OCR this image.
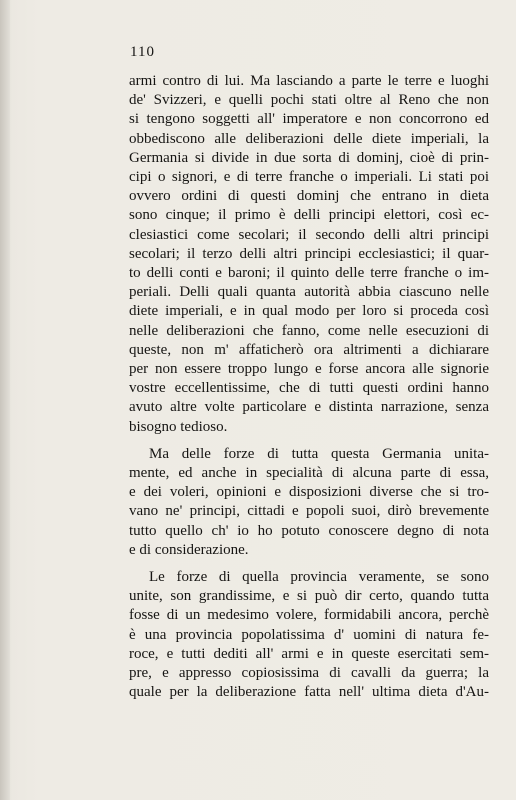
110
armi contro di lui. Ma lasciando a parte le terre e luoghi
de' Svizzeri, e quelli pochi stati oltre al Reno che non
si tengono soggetti all' imperatore e non concorrono ed
obbediscono alle deliberazioni delle diete imperiali, la
Germania si divide in due sorta di dominj, cioè di prin-
cipi o signori, e di terre franche o imperiali. Li stati poi
ovvero ordini di questi dominj che entrano in dieta
sono cinque; il primo è delli principi elettori, così ec-
clesiastici come secolari; il secondo delli altri principi
secolari; il terzo delli altri principi ecclesiastici; il quar-
to delli conti e baroni; il quinto delle terre franche o im-
periali. Delli quali quanta autorità abbia ciascuno nelle
diete imperiali, e in qual modo per loro si proceda così
nelle deliberazioni che fanno, come nelle esecuzioni di
queste, non m' affaticherò ora altrimenti a dichiarare
per non essere troppo lungo e forse ancora alle signorie
vostre eccellentissime, che di tutti questi ordini hanno
avuto altre volte particolare e distinta narrazione, senza
bisogno tedioso.
Ma delle forze di tutta questa Germania unita-
mente, ed anche in specialità di alcuna parte di essa,
e dei voleri, opinioni e disposizioni diverse che si tro-
vano ne' principi, cittadi e popoli suoi, dirò brevemente
tutto quello ch' io ho potuto conoscere degno di nota
e di considerazione.
Le forze di quella provincia veramente, se sono
unite, son grandissime, e si può dir certo, quando tutta
fosse di un medesimo volere, formidabili ancora, perchè
è una provincia popolatissima d' uomini di natura fe-
roce, e tutti dediti all' armi e in queste esercitati sem-
pre, e appresso copiosissima di cavalli da guerra; la
quale per la deliberazione fatta nell' ultima dieta d'Au-
